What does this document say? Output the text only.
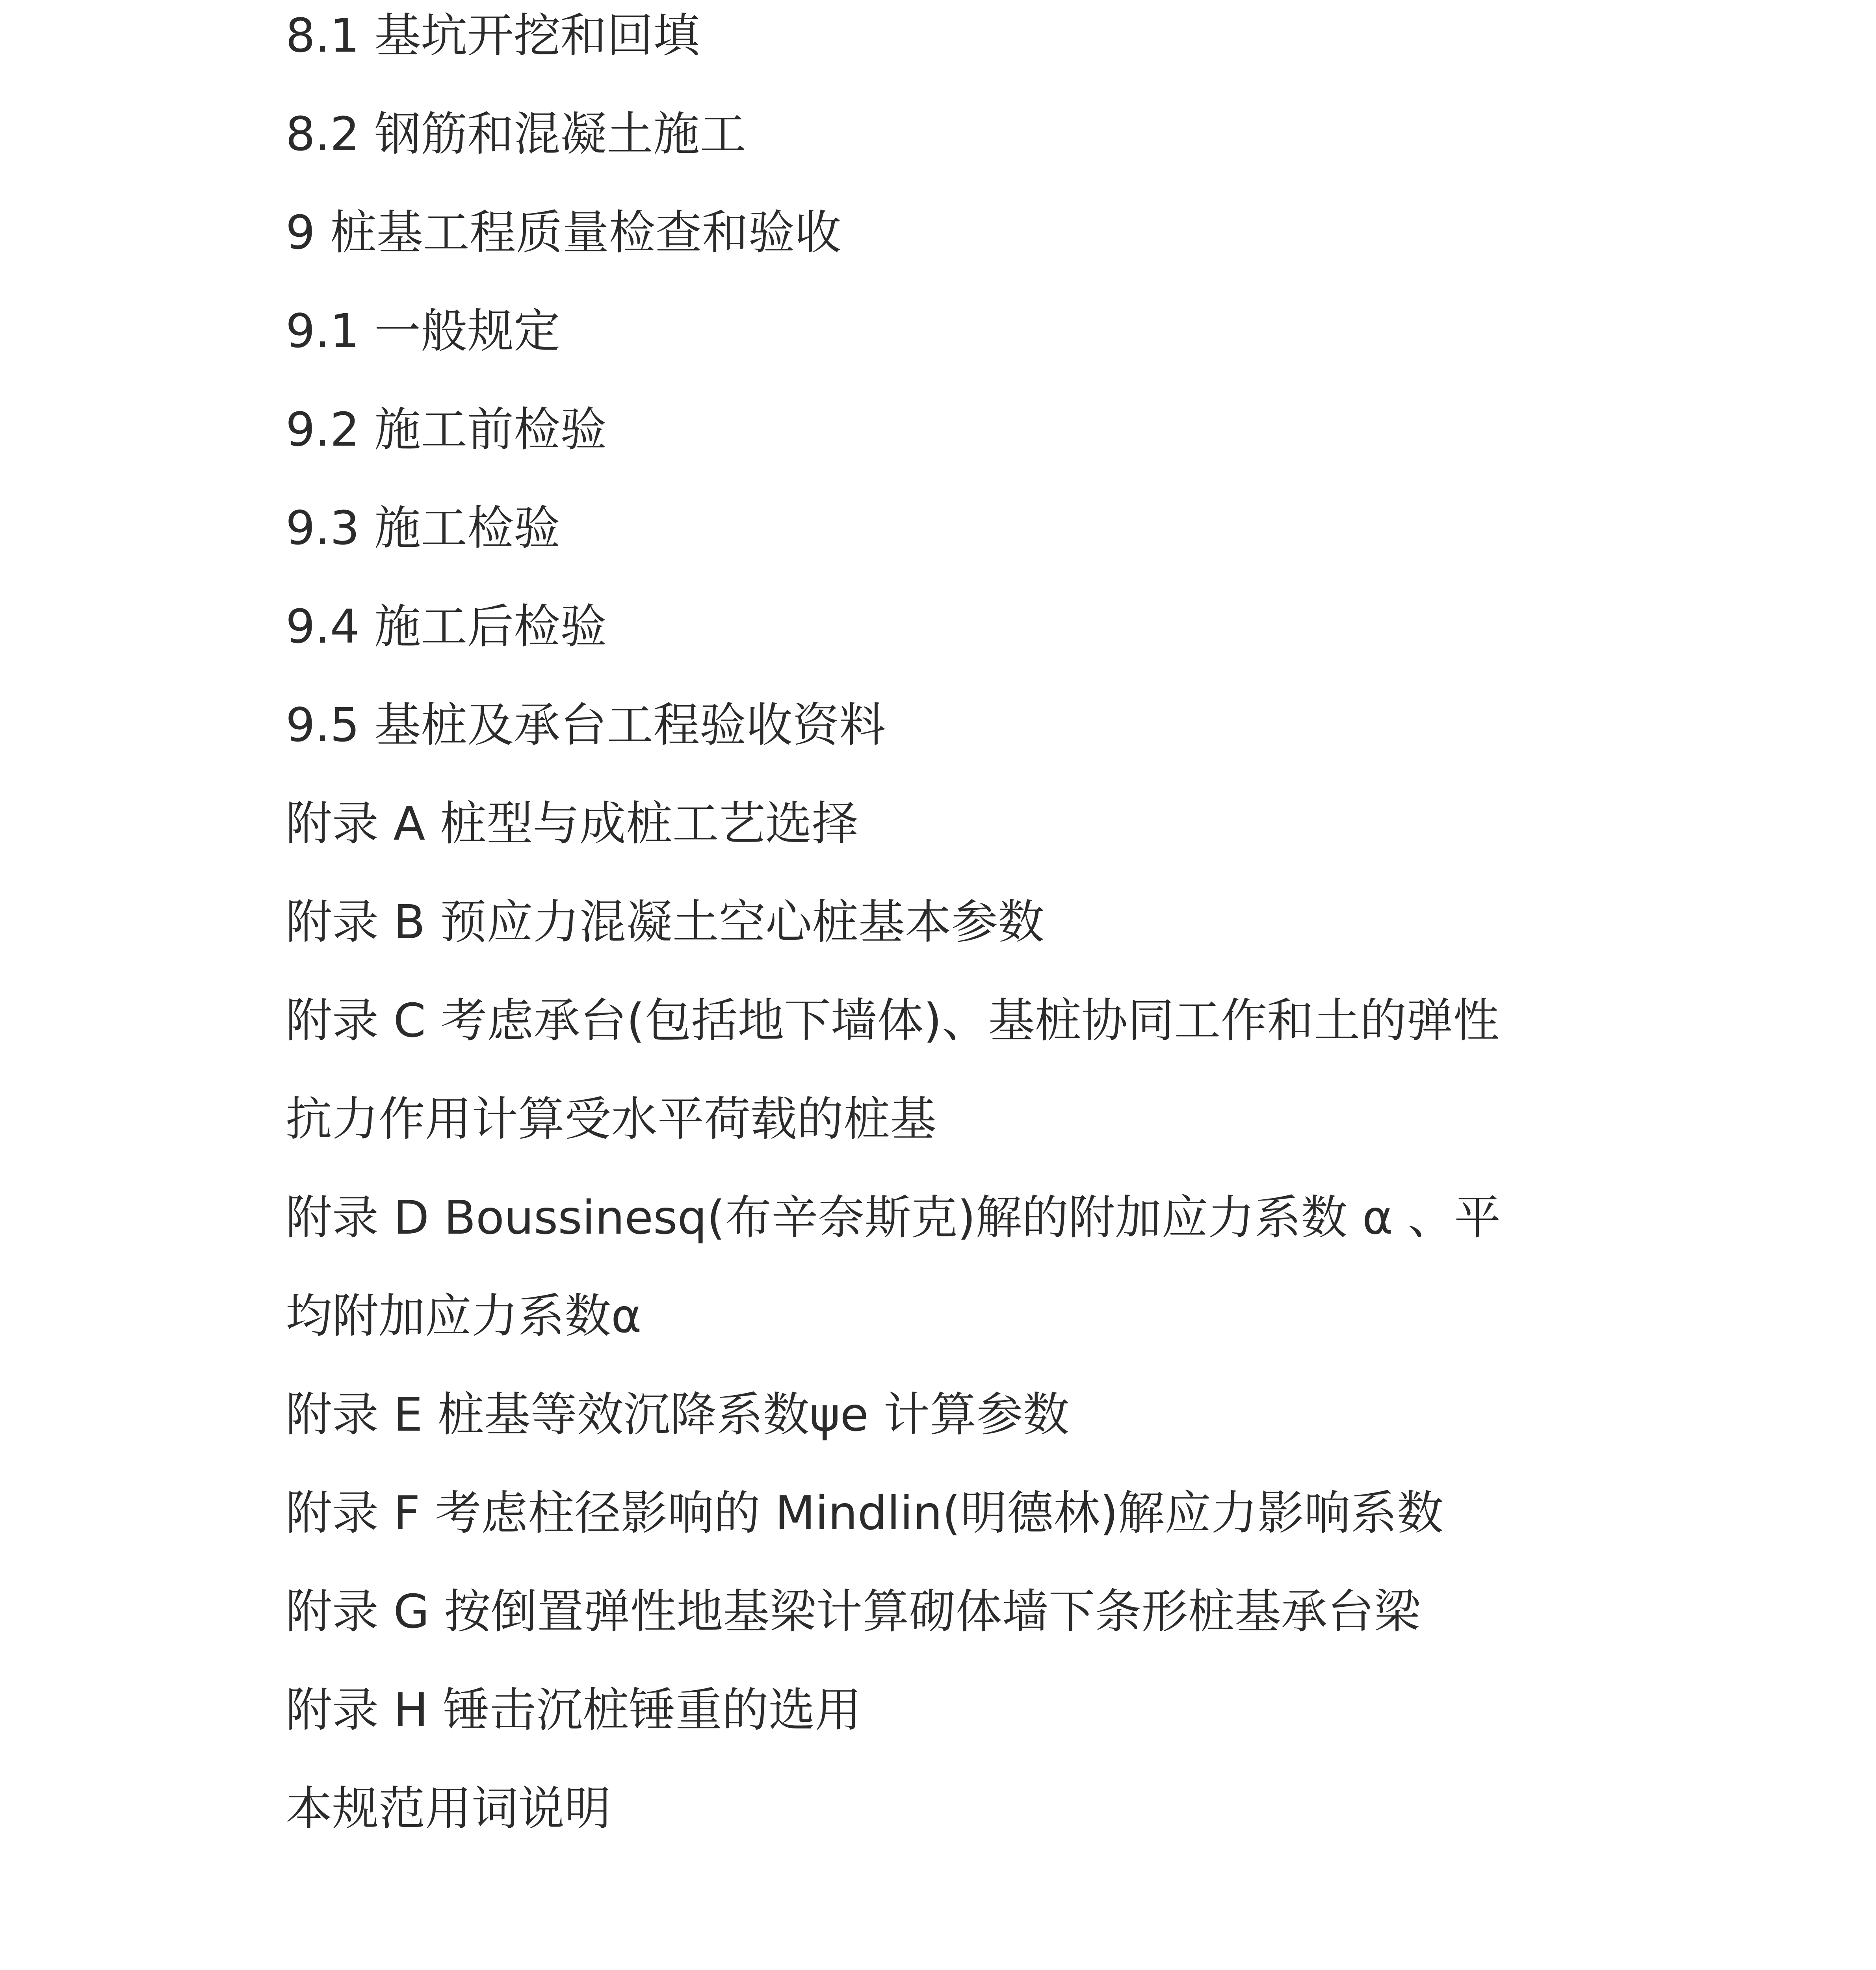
8.1 基坑开挖和回填
8.2 钢筋和混凝土施工
9 桩基工程质量检查和验收
9.1 一般规定
9.2 施工前检验
9.3 施工检验
9.4 施工后检验
9.5 基桩及承台工程验收资料
附录 A 桩型与成桩工艺选择
附录 B 预应力混凝土空心桩基本参数
附录 C 考虑承台(包括地下墙体)、基桩协同工作和土的弹性
抗力作用计算受水平荷载的桩基
附录 D Boussinesq(布辛奈斯克)解的附加应力系数 α 、平
均附加应力系数α
附录 E 桩基等效沉降系数ψe 计算参数
附录 F 考虑柱径影响的 Mindlin(明德林)解应力影响系数
附录 G 按倒置弹性地基梁计算砌体墙下条形桩基承台梁
附录 H 锤击沉桩锤重的选用
本规范用词说明
